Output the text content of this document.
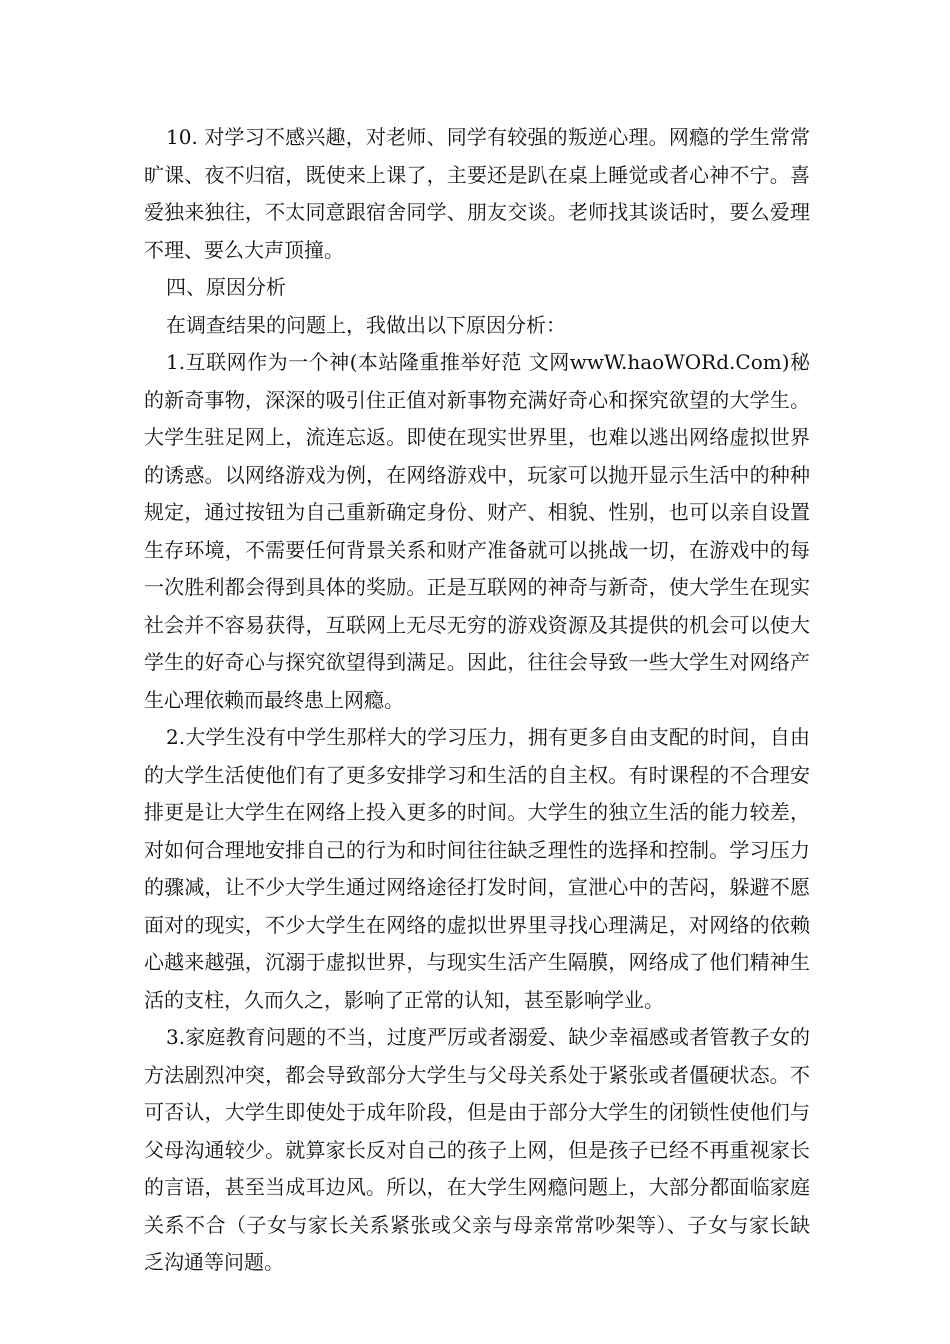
10. 对学习不感兴趣，对老师、同学有较强的叛逆心理。网瘾的学生常常旷课、夜不归宿，既使来上课了，主要还是趴在桌上睡觉或者心神不宁。喜爱独来独往，不太同意跟宿舍同学、朋友交谈。老师找其谈话时，要么爱理不理、要么大声顶撞。

四、原因分析

在调查结果的问题上，我做出以下原因分析：

1.互联网作为一个神(本站隆重推举好范 文网wwW.haoWORd.Com)秘的新奇事物，深深的吸引住正值对新事物充满好奇心和探究欲望的大学生。大学生驻足网上，流连忘返。即使在现实世界里，也难以逃出网络虚拟世界的诱惑。以网络游戏为例，在网络游戏中，玩家可以抛开显示生活中的种种规定，通过按钮为自己重新确定身份、财产、相貌、性别，也可以亲自设置生存环境，不需要任何背景关系和财产准备就可以挑战一切，在游戏中的每一次胜利都会得到具体的奖励。正是互联网的神奇与新奇，使大学生在现实社会并不容易获得，互联网上无尽无穷的游戏资源及其提供的机会可以使大学生的好奇心与探究欲望得到满足。因此，往往会导致一些大学生对网络产生心理依赖而最终患上网瘾。

2.大学生没有中学生那样大的学习压力，拥有更多自由支配的时间，自由的大学生活使他们有了更多安排学习和生活的自主权。有时课程的不合理安排更是让大学生在网络上投入更多的时间。大学生的独立生活的能力较差，对如何合理地安排自己的行为和时间往往缺乏理性的选择和控制。学习压力的骤减，让不少大学生通过网络途径打发时间，宣泄心中的苦闷，躲避不愿面对的现实，不少大学生在网络的虚拟世界里寻找心理满足，对网络的依赖心越来越强，沉溺于虚拟世界，与现实生活产生隔膜，网络成了他们精神生活的支柱，久而久之，影响了正常的认知，甚至影响学业。

3.家庭教育问题的不当，过度严厉或者溺爱、缺少幸福感或者管教子女的方法剧烈冲突，都会导致部分大学生与父母关系处于紧张或者僵硬状态。不可否认，大学生即使处于成年阶段，但是由于部分大学生的闭锁性使他们与父母沟通较少。就算家长反对自己的孩子上网，但是孩子已经不再重视家长的言语，甚至当成耳边风。所以，在大学生网瘾问题上，大部分都面临家庭关系不合（子女与家长关系紧张或父亲与母亲常常吵架等）、子女与家长缺乏沟通等问题。
